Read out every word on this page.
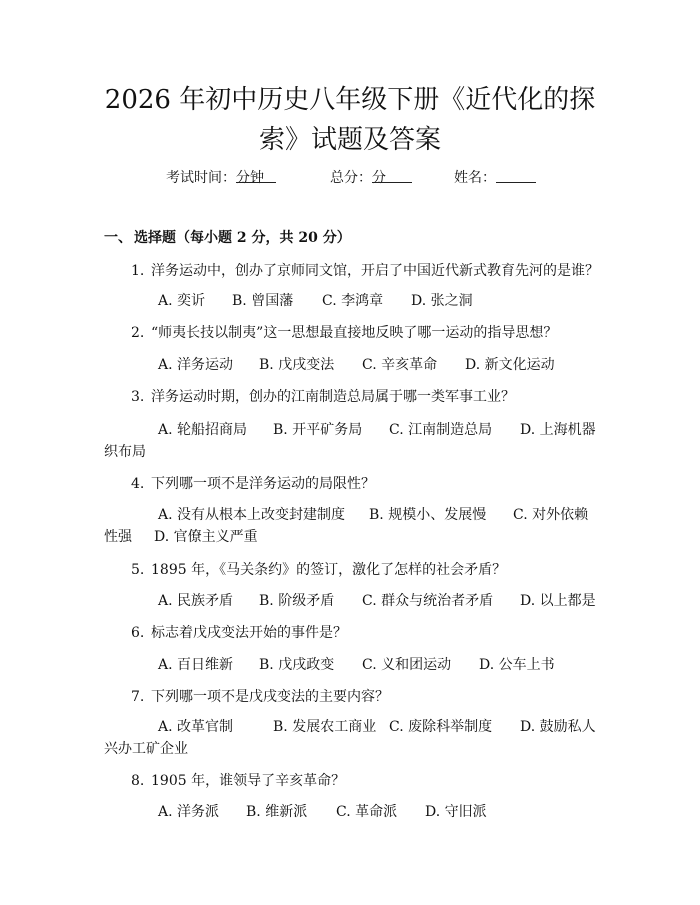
2026 年初中历史八年级下册《近代化的探
索》试题及答案
考试时间：
分钟	总分：
分	姓名：
一、 选择题（每小题 2 分，共 20 分）
1. 洋务运动中，创办了京师同文馆，开启了中国近代新式教育先河的是谁？
A. 奕䜣 B. 曾国藩 C. 李鸿章 D. 张之洞
2. “师夷长技以制夷”这一思想最直接地反映了哪一运动的指导思想？
A. 洋务运动 B. 戊戌变法 C. 辛亥革命 D. 新文化运动
3. 洋务运动时期，创办的江南制造总局属于哪一类军事工业？
A. 轮船招商局 B. 开平矿务局 C. 江南制造总局 D. 上海机器
织布局
4. 下列哪一项不是洋务运动的局限性？
A. 没有从根本上改变封建制度 B. 规模小、发展慢 C. 对外依赖
性强 D. 官僚主义严重
5. 1895 年，《马关条约》的签订，激化了怎样的社会矛盾？
A. 民族矛盾 B. 阶级矛盾 C. 群众与统治者矛盾 D. 以上都是
6. 标志着戊戌变法开始的事件是？
A. 百日维新 B. 戊戌政变 C. 义和团运动 D. 公车上书
7. 下列哪一项不是戊戌变法的主要内容？
A. 改革官制	B. 发展农工商业 C. 废除科举制度 D. 鼓励私人
兴办工矿企业
8. 1905 年，谁领导了辛亥革命？
A. 洋务派 B. 维新派 C. 革命派 D. 守旧派
